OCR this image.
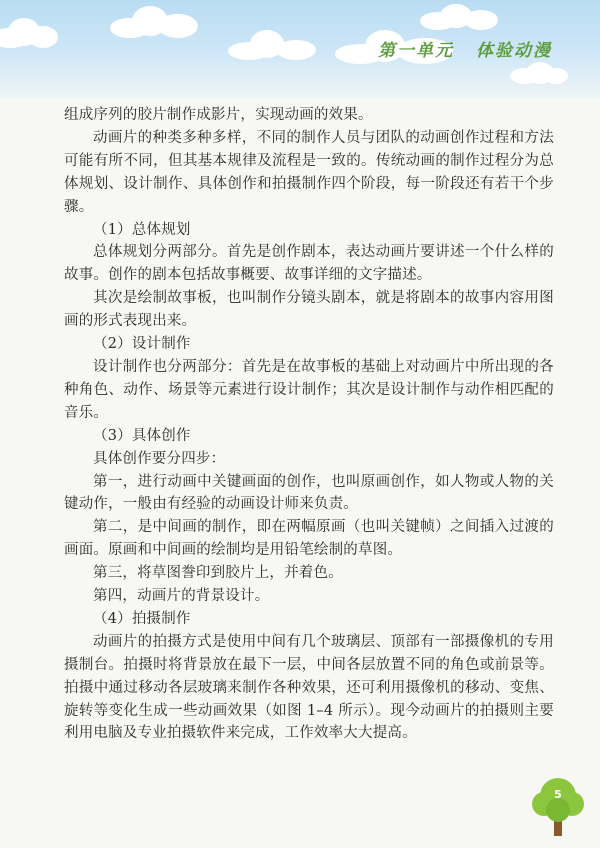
第一单元 体验动漫

组成序列的胶片制作成影片，实现动画的效果。

动画片的种类多种多样，不同的制作人员与团队的动画创作过程和方法可能有所不同，但其基本规律及流程是一致的。传统动画的制作过程分为总体规划、设计制作、具体创作和拍摄制作四个阶段，每一阶段还有若干个步骤。

（1）总体规划

总体规划分两部分。首先是创作剧本，表达动画片要讲述一个什么样的故事。创作的剧本包括故事概要、故事详细的文字描述。

其次是绘制故事板，也叫制作分镜头剧本，就是将剧本的故事内容用图画的形式表现出来。

（2）设计制作

设计制作也分两部分：首先是在故事板的基础上对动画片中所出现的各种角色、动作、场景等元素进行设计制作；其次是设计制作与动作相匹配的音乐。

（3）具体创作

具体创作要分四步：

第一，进行动画中关键画面的创作，也叫原画创作，如人物或人物的关键动作，一般由有经验的动画设计师来负责。

第二，是中间画的制作，即在两幅原画（也叫关键帧）之间插入过渡的画面。原画和中间画的绘制均是用铅笔绘制的草图。

第三，将草图誊印到胶片上，并着色。

第四，动画片的背景设计。

（4）拍摄制作

动画片的拍摄方式是使用中间有几个玻璃层、顶部有一部摄像机的专用摄制台。拍摄时将背景放在最下一层，中间各层放置不同的角色或前景等。拍摄中通过移动各层玻璃来制作各种效果，还可利用摄像机的移动、变焦、旋转等变化生成一些动画效果（如图 1–4 所示）。现今动画片的拍摄则主要利用电脑及专业拍摄软件来完成，工作效率大大提高。

5
